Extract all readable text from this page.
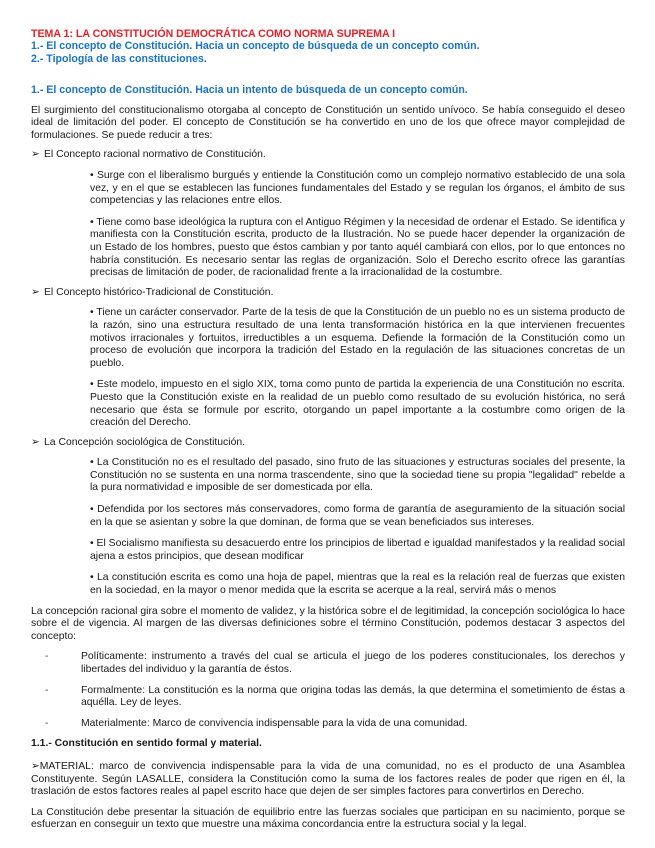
TEMA 1: LA CONSTITUCIÓN DEMOCRÁTICA COMO NORMA SUPREMA I
1.- El concepto de Constitución. Hacia un concepto de búsqueda de un concepto común.
2.- Tipología de las constituciones.
1.- El concepto de Constitución. Hacia un intento de búsqueda de un concepto común.

El surgimiento del constitucionalismo otorgaba al concepto de Constitución un sentido unívoco. Se había conseguido el deseo ideal de limitación del poder. El concepto de Constitución se ha convertido en uno de los que ofrece mayor complejidad de formulaciones. Se puede reducir a tres:

➢ El Concepto racional normativo de Constitución.

• Surge con el liberalismo burgués y entiende la Constitución como un complejo normativo establecido de una sola vez, y en el que se establecen las funciones fundamentales del Estado y se regulan los órganos, el ámbito de sus competencias y las relaciones entre ellos.

• Tiene como base ideológica la ruptura con el Antiguo Régimen y la necesidad de ordenar el Estado. Se identifica y manifiesta con la Constitución escrita, producto de la Ilustración. No se puede hacer depender la organización de un Estado de los hombres, puesto que éstos cambian y por tanto aquél cambiará con ellos, por lo que entonces no habría constitución. Es necesario sentar las reglas de organización. Solo el Derecho escrito ofrece las garantías precisas de limitación de poder, de racionalidad frente a la irracionalidad de la costumbre.

➢ El Concepto histórico-Tradicional de Constitución.

• Tiene un carácter conservador. Parte de la tesis de que la Constitución de un pueblo no es un sistema producto de la razón, sino una estructura resultado de una lenta transformación histórica en la que intervienen frecuentes motivos irracionales y fortuitos, irreductibles a un esquema. Defiende la formación de la Constitución como un proceso de evolución que incorpora la tradición del Estado en la regulación de las situaciones concretas de un pueblo.

• Este modelo, impuesto en el siglo XIX, toma como punto de partida la experiencia de una Constitución no escrita. Puesto que la Constitución existe en la realidad de un pueblo como resultado de su evolución histórica, no será necesario que ésta se formule por escrito, otorgando un papel importante a la costumbre como origen de la creación del Derecho.

➢ La Concepción sociológica de Constitución.

• La Constitución no es el resultado del pasado, sino fruto de las situaciones y estructuras sociales del presente, la Constitución no se sustenta en una norma trascendente, sino que la sociedad tiene su propia "legalidad" rebelde a la pura normatividad e imposible de ser domesticada por ella.

• Defendida por los sectores más conservadores, como forma de garantía de aseguramiento de la situación social en la que se asientan y sobre la que dominan, de forma que se vean beneficiados sus intereses.

• El Socialismo manifiesta su desacuerdo entre los principios de libertad e igualdad manifestados y la realidad social ajena a estos principios, que desean modificar

• La constitución escrita es como una hoja de papel, mientras que la real es la relación real de fuerzas que existen en la sociedad, en la mayor o menor medida que la escrita se acerque a la real, servirá más o menos

La concepción racional gira sobre el momento de validez, y la histórica sobre el de legitimidad, la concepción sociológica lo hace sobre el de vigencia. Al margen de las diversas definiciones sobre el término Constitución, podemos destacar 3 aspectos del concepto:

-	Políticamente: instrumento a través del cual se articula el juego de los poderes constitucionales, los derechos y libertades del individuo y la garantía de éstos.
-	Formalmente: La constitución es la norma que origina todas las demás, la que determina el sometimiento de éstas a aquélla. Ley de leyes.
-	Materialmente: Marco de convivencia indispensable para la vida de una comunidad.
1.1.- Constitución en sentido formal y material.

➢MATERIAL: marco de convivencia indispensable para la vida de una comunidad, no es el producto de una Asamblea Constituyente. Según LASALLE, considera la Constitución como la suma de los factores reales de poder que rigen en él, la traslación de estos factores reales al papel escrito hace que dejen de ser simples factores para convertirlos en Derecho.

La Constitución debe presentar la situación de equilibrio entre las fuerzas sociales que participan en su nacimiento, porque se esfuerzan en conseguir un texto que muestre una máxima concordancia entre la estructura social y la legal.
